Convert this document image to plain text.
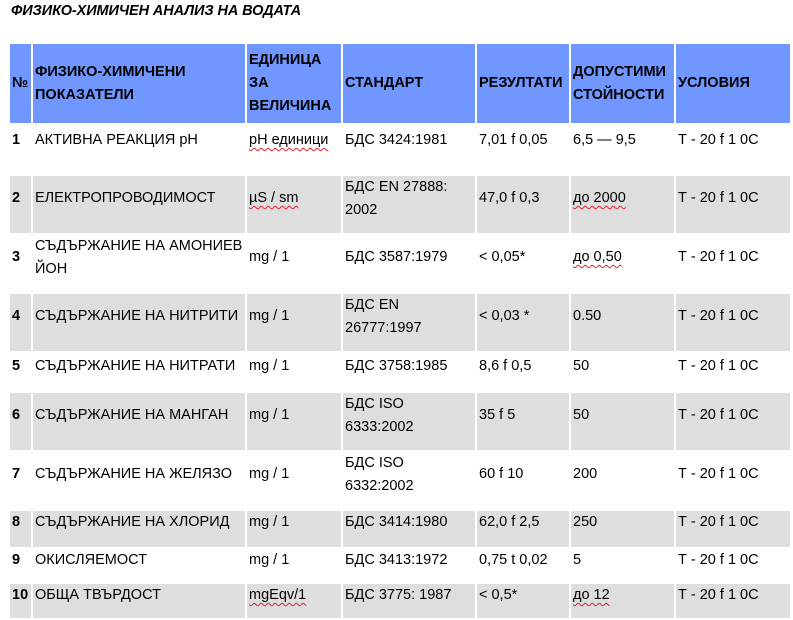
ФИЗИКО-ХИМИЧЕН АНАЛИЗ НА ВОДАТА
№	ФИЗИКО-ХИМИЧЕНИ ПОКАЗАТЕЛИ	ЕДИНИЦА ЗА ВЕЛИЧИНА	СТАНДАРТ	РЕЗУЛТАТИ	ДОПУСТИМИ СТОЙНОСТИ	УСЛОВИЯ
1	АКТИВНА РЕАКЦИЯ pH	pH единици	БДС 3424:1981	7,01 f 0,05	6,5 — 9,5	Т - 20 f 1 0C

2	ЕЛЕКТРОПРОВОДИМОСТ	µS / sm	БДС EN 27888: 2002	47,0 f 0,3	до 2000	Т - 20 f 1 0C

3	СЪДЪРЖАНИЕ НА АМОНИЕВ ЙОН	mg / 1	БДС 3587:1979	< 0,05*	до 0,50	Т - 20 f 1 0C

4	СЪДЪРЖАНИЕ НА НИТРИТИ	mg / 1	БДС EN 26777:1997	< 0,03 *	0.50	Т - 20 f 1 0C

5	СЪДЪРЖАНИЕ НА НИТРАТИ	mg / 1	БДС 3758:1985	8,6 f 0,5	50	Т - 20 f 1 0C

6	СЪДЪРЖАНИЕ НА МАНГАН	mg / 1	БДС ISO 6333:2002	35 f 5	50	Т - 20 f 1 0C

7	СЪДЪРЖАНИЕ НА ЖЕЛЯЗО	mg / 1	БДС ISO 6332:2002	60 f 10	200	Т - 20 f 1 0C

8	СЪДЪРЖАНИЕ НА ХЛОРИД	mg / 1	БДС 3414:1980	62,0 f 2,5	250	Т - 20 f 1 0C
9	ОКИСЛЯЕМОСТ	mg / 1	БДС 3413:1972	0,75 t 0,02	5	Т - 20 f 1 0C
10	ОБЩА ТВЪРДОСТ	mgEqv/1	БДС 3775: 1987	< 0,5*	до 12	Т - 20 f 1 0C
